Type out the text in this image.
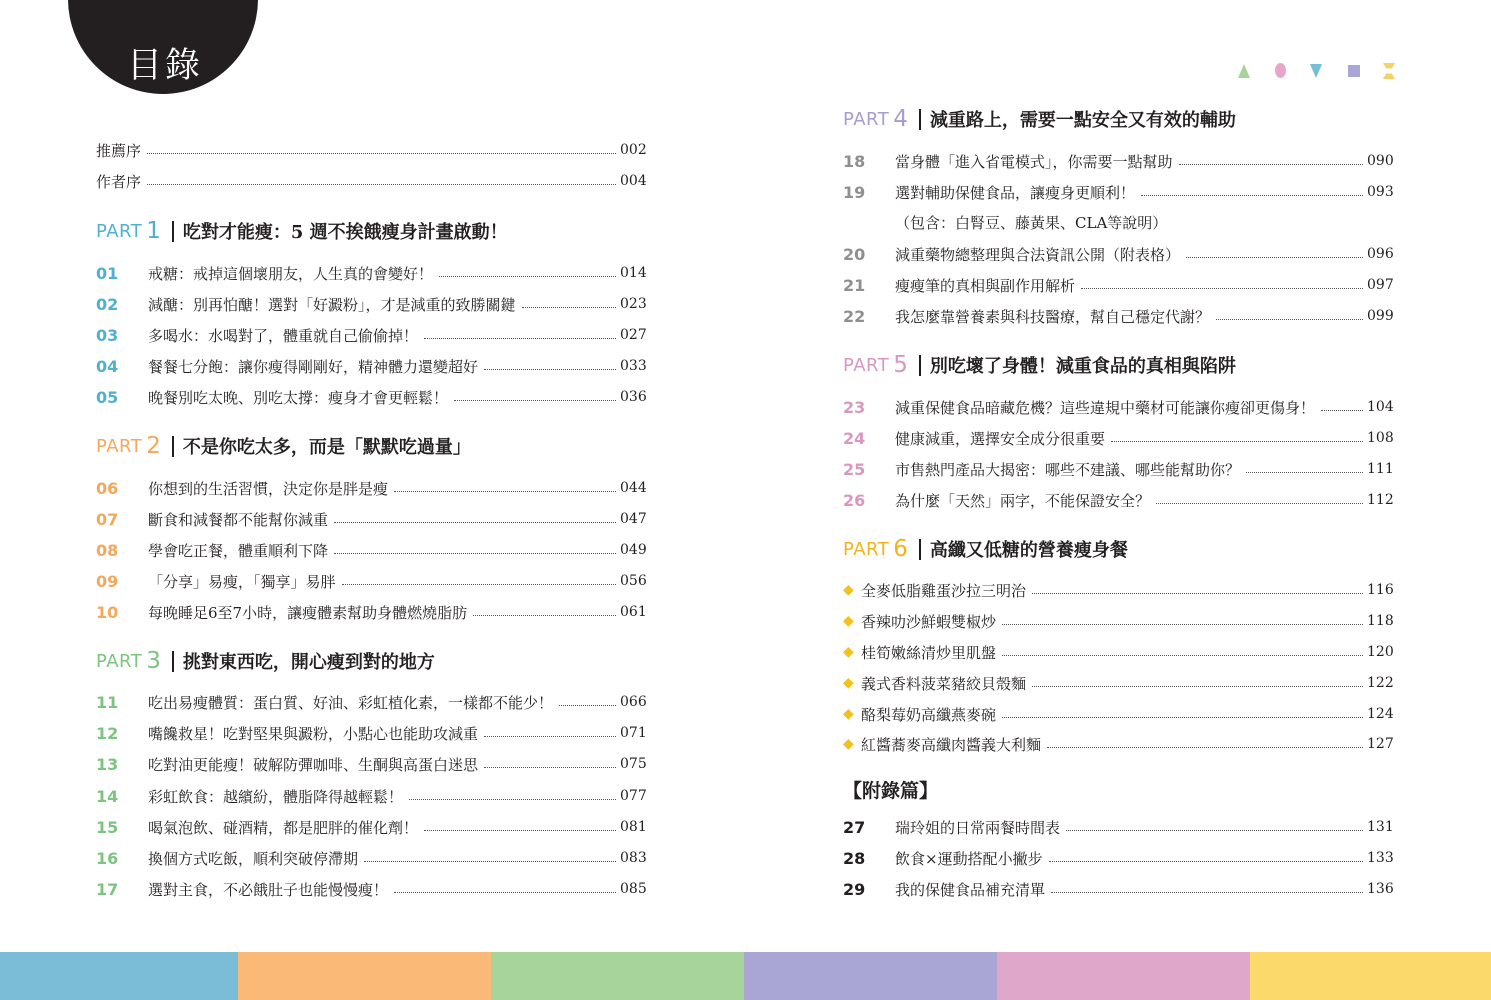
目錄
推薦序	002
作者序	004
PART 1 吃對才能瘦：5 週不挨餓瘦身計畫啟動！
01	戒糖：戒掉這個壞朋友，人生真的會變好！	014
02	減醣：別再怕醣！選對「好澱粉」，才是減重的致勝關鍵	023
03	多喝水：水喝對了，體重就自己偷偷掉！	027
04	餐餐七分飽：讓你瘦得剛剛好，精神體力還變超好	033
05	晚餐別吃太晚、別吃太撐：瘦身才會更輕鬆！	036
PART 2 不是你吃太多，而是「默默吃過量」
06	你想到的生活習慣，決定你是胖是瘦	044
07	斷食和減餐都不能幫你減重	047
08	學會吃正餐，體重順利下降	049
09	「分享」易瘦，「獨享」易胖	056
10	每晚睡足6至7小時，讓瘦體素幫助身體燃燒脂肪	061
PART 3 挑對東西吃，開心瘦到對的地方
11	吃出易瘦體質：蛋白質、好油、彩虹植化素，一樣都不能少！	066
12	嘴饞救星！吃對堅果與澱粉，小點心也能助攻減重	071
13	吃對油更能瘦！破解防彈咖啡、生酮與高蛋白迷思	075
14	彩虹飲食：越繽紛，體脂降得越輕鬆！	077
15	喝氣泡飲、碰酒精，都是肥胖的催化劑！	081
16	換個方式吃飯，順利突破停滯期	083
17	選對主食，不必餓肚子也能慢慢瘦！	085
PART 4 減重路上，需要一點安全又有效的輔助
18	當身體「進入省電模式」，你需要一點幫助	090
19	選對輔助保健食品，讓瘦身更順利！	093
（包含：白腎豆、藤黃果、CLA等說明）
20	減重藥物總整理與合法資訊公開（附表格）	096
21	瘦瘦筆的真相與副作用解析	097
22	我怎麼靠營養素與科技醫療，幫自己穩定代謝？	099
PART 5 別吃壞了身體！減重食品的真相與陷阱
23	減重保健食品暗藏危機？這些違規中藥材可能讓你瘦卻更傷身！	104
24	健康減重，選擇安全成分很重要	108
25	市售熱門產品大揭密：哪些不建議、哪些能幫助你？	111
26	為什麼「天然」兩字，不能保證安全？	112
PART 6 高纖又低糖的營養瘦身餐
◆ 全麥低脂雞蛋沙拉三明治	116
◆ 香辣叻沙鮮蝦雙椒炒	118
◆ 桂筍嫩絲清炒里肌盤	120
◆ 義式香料菠菜豬絞貝殼麵	122
◆ 酪梨莓奶高纖燕麥碗	124
◆ 紅醬蕎麥高纖肉醬義大利麵	127
【附錄篇】
27	瑞玲姐的日常兩餐時間表	131
28	飲食×運動搭配小撇步	133
29	我的保健食品補充清單	136
